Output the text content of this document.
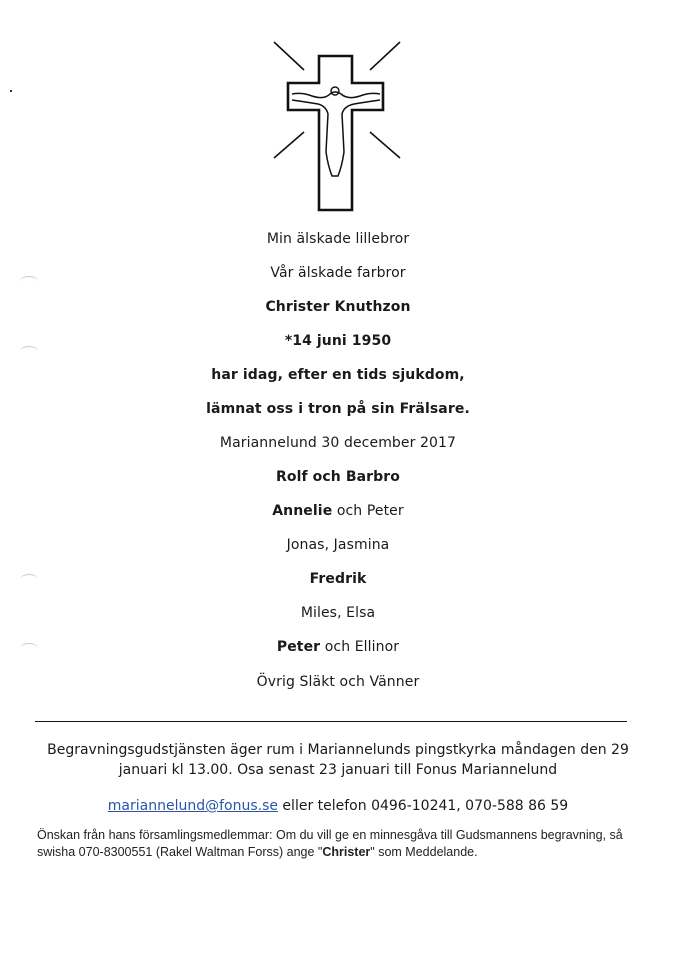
Min älskade lillebror
Vår älskade farbror
Christer Knuthzon
*14 juni 1950
har idag, efter en tids sjukdom,
lämnat oss i tron på sin Frälsare.
Mariannelund 30 december 2017
Rolf och Barbro
Annelie och Peter
Jonas, Jasmina
Fredrik
Miles, Elsa
Peter och Ellinor
Övrig Släkt och Vänner
Begravningsgudstjänsten äger rum i Mariannelunds pingstkyrka måndagen den 29 januari kl 13.00. Osa senast 23 januari till Fonus Mariannelund
mariannelund@fonus.se eller telefon 0496-10241, 070-588 86 59
Önskan från hans församlingsmedlemmar: Om du vill ge en minnesgåva till Gudsmannens begravning, så swisha 070-8300551 (Rakel Waltman Forss) ange "Christer" som Meddelande.
